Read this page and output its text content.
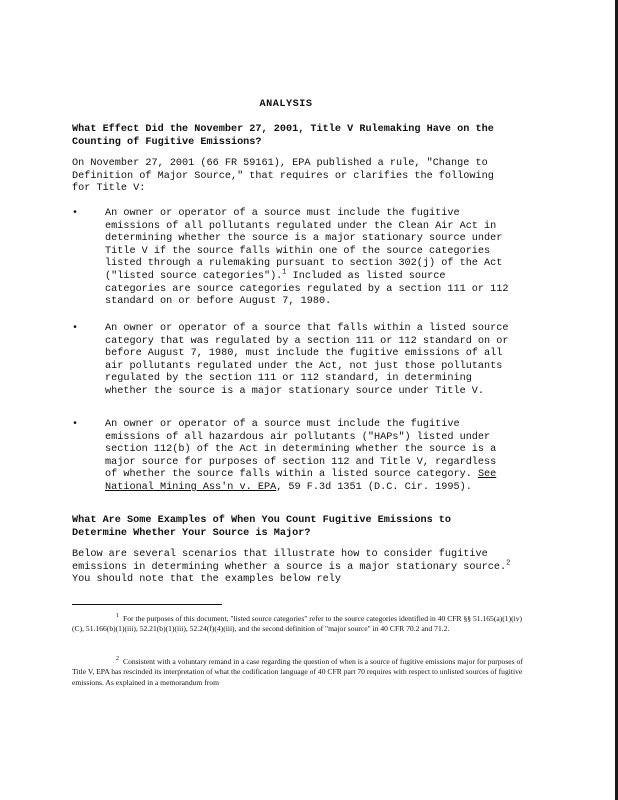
ANALYSIS

What Effect Did the November 27, 2001, Title V Rulemaking Have on the Counting of Fugitive Emissions?

On November 27, 2001 (66 FR 59161), EPA published a rule, "Change to Definition of Major Source," that requires or clarifies the following for Title V:

•	An owner or operator of a source must include the fugitive emissions of all pollutants regulated under the Clean Air Act in determining whether the source is a major stationary source under Title V if the source falls within one of the source categories listed through a rulemaking pursuant to section 302(j) of the Act ("listed source categories").$^1$ Included as listed source categories are source categories regulated by a section 111 or 112 standard on or before August 7, 1980.
•	An owner or operator of a source that falls within a listed source category that was regulated by a section 111 or 112 standard on or before August 7, 1980, must include the fugitive emissions of all air pollutants regulated under the Act, not just those pollutants regulated by the section 111 or 112 standard, in determining whether the source is a major stationary source under Title V.
•	An owner or operator of a source must include the fugitive emissions of all hazardous air pollutants ("HAPs") listed under section 112(b) of the Act in determining whether the source is a major source for purposes of section 112 and Title V, regardless of whether the source falls within a listed source category. See National Mining Ass'n v. EPA, 59 F.3d 1351 (D.C. Cir. 1995).

What Are Some Examples of When You Count Fugitive Emissions to Determine Whether Your Source is Major?

Below are several scenarios that illustrate how to consider fugitive emissions in determining whether a source is a major stationary source.$^2$ You should note that the examples below rely

$^1$ For the purposes of this document, "listed source categories" refer to the source categories identified in 40 CFR §§ 51.165(a)(1)(iv)(C), 51.166(b)(1)(iii), 52.21(b)(1)(iii), 52.24(f)(4)(iii), and the second definition of "major source" in 40 CFR 70.2 and 71.2.

$^2$ Consistent with a voluntary remand in a case regarding the question of when is a source of fugitive emissions major for purposes of Title V, EPA has rescinded its interpretation of what the codification language of 40 CFR part 70 requires with respect to unlisted sources of fugitive emissions. As explained in a memorandum from
